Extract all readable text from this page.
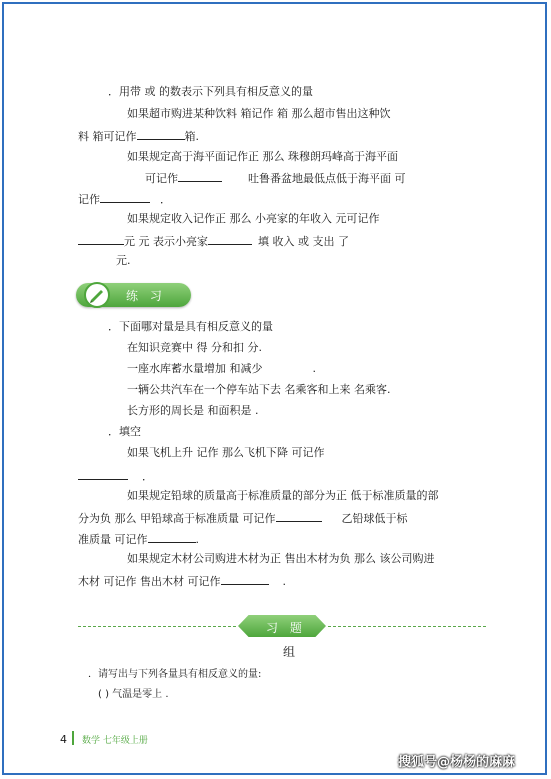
．用带 或 的数表示下列具有相反意义的量
如果超市购进某种饮料 箱记作 箱 那么超市售出这种饮
料 箱可记作	箱.
如果规定高于海平面记作正 那么 珠穆朗玛峰高于海平面
可记作	吐鲁番盆地最低点低于海平面 可
记作	．
如果规定收入记作正 那么 小亮家的年收入 元可记作
元 元 表示小亮家	填 收入 或 支出 了
元.
练 习
．下面哪对量是具有相反意义的量
在知识竞赛中 得 分和扣 分.
一座水库蓄水量增加 和减少	.
一辆公共汽车在一个停车站下去 名乘客和上来 名乘客.
长方形的周长是 和面积是 .
．填空
如果飞机上升 记作 那么飞机下降 可记作
．
如果规定铅球的质量高于标准质量的部分为正 低于标准质量的部
分为负 那么 甲铅球高于标准质量 可记作	乙铅球低于标
准质量 可记作	.
如果规定木材公司购进木材为正 售出木材为负 那么 该公司购进
木材 可记作 售出木材 可记作	.
习 题
组
．请写出与下列各量具有相反意义的量:
( ) 气温是零上 .
4 数学 七年级上册
搜狐号@杨杨的麻麻
